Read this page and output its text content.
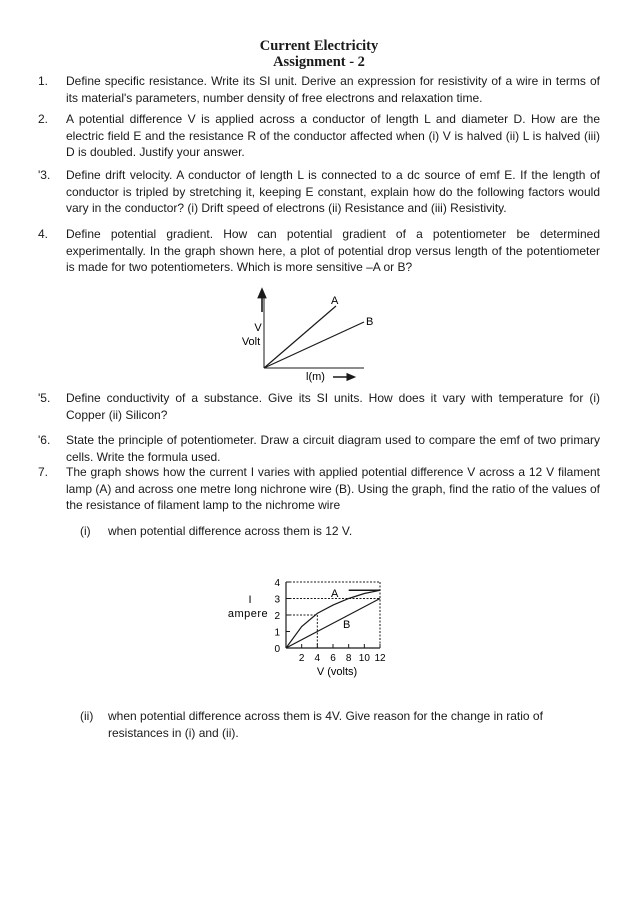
Current Electricity
Assignment - 2
1.	Define specific resistance. Write its SI unit. Derive an expression for resistivity of a wire in terms of its material's parameters, number density of free electrons and relaxation time.
2.	A potential difference V is applied across a conductor of length L and diameter D. How are the electric field E and the resistance R of the conductor affected when (i) V is halved (ii) L is halved (iii) D is doubled. Justify your answer.
'3.	Define drift velocity. A conductor of length L is connected to a dc source of emf E. If the length of conductor is tripled by stretching it, keeping E constant, explain how do the following factors would vary in the conductor? (i) Drift speed of electrons (ii) Resistance and (iii) Resistivity.
4.	Define potential gradient. How can potential gradient of a potentiometer be determined experimentally. In the graph shown here, a plot of potential drop versus length of the potentiometer is made for two potentiometers. Which is more sensitive –A or B?
A
B
V
Volt
l(m)
'5.	Define conductivity of a substance. Give its SI units. How does it vary with temperature for (i) Copper (ii) Silicon?
'6.	State the principle of potentiometer. Draw a circuit diagram used to compare the emf of two primary cells. Write the formula used.
7.	The graph shows how the current I varies with applied potential difference V across a 12 V filament lamp (A) and across one metre long nichrone wire (B). Using the graph, find the ratio of the values of the resistance of filament lamp to the nichrome wire
(i) when potential difference across them is 12 V.
0
1
2
3
4
2 4 6 8 10 12
A
B
I
ampere
V (volts)
(ii) when potential difference across them is 4V. Give reason for the change in ratio of resistances in (i) and (ii).
